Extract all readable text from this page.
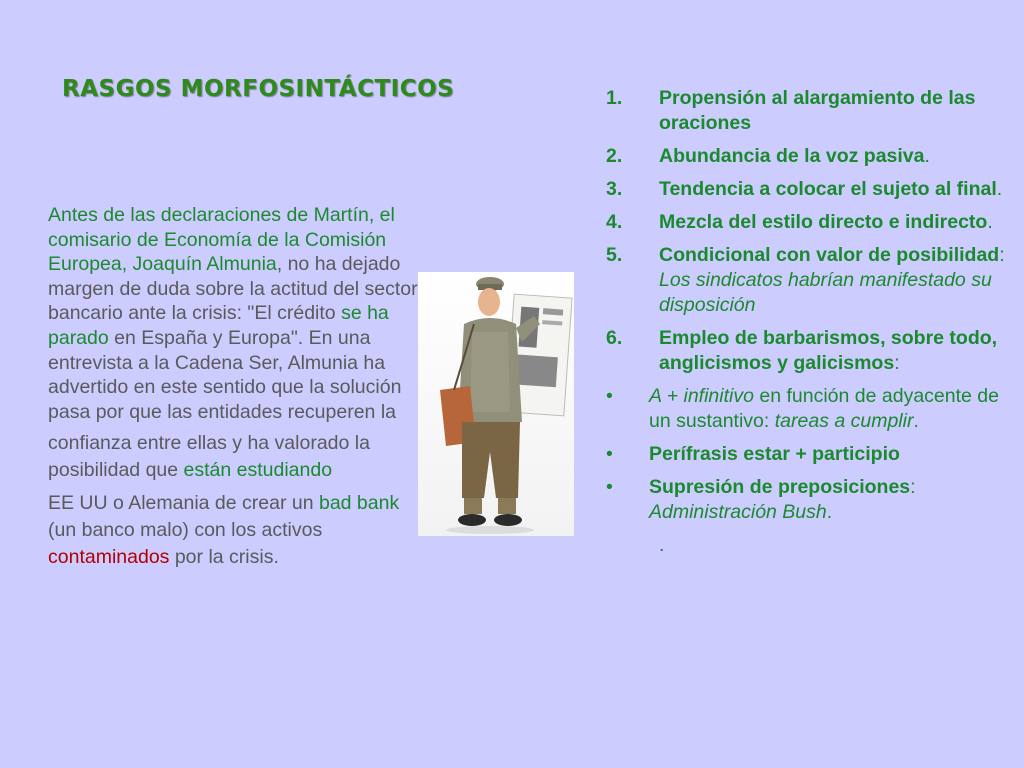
RASGOS MORFOSINTÁCTICOS
Antes de las declaraciones de Martín, el comisario de Economía de la Comisión Europea, Joaquín Almunia, no ha dejado margen de duda sobre la actitud del sector bancario ante la crisis: "El crédito se ha parado en España y Europa". En una entrevista a la Cadena Ser, Almunia ha advertido en este sentido que la solución pasa por que las entidades recuperen la
confianza entre ellas y ha valorado la posibilidad que están estudiando
EE UU o Alemania de crear un bad bank (un banco malo) con los activos contaminados por la crisis.
1. Propensión al alargamiento de las oraciones
2. Abundancia de la voz pasiva.
3. Tendencia a colocar el sujeto al final.
4. Mezcla del estilo directo e indirecto.
5. Condicional con valor de posibilidad: Los sindicatos habrían manifestado su disposición
6. Empleo de barbarismos, sobre todo, anglicismos y galicismos:
• A + infinitivo en función de adyacente de un sustantivo: tareas a cumplir.
• Perífrasis estar + participio
• Supresión de preposiciones: Administración Bush.
.
